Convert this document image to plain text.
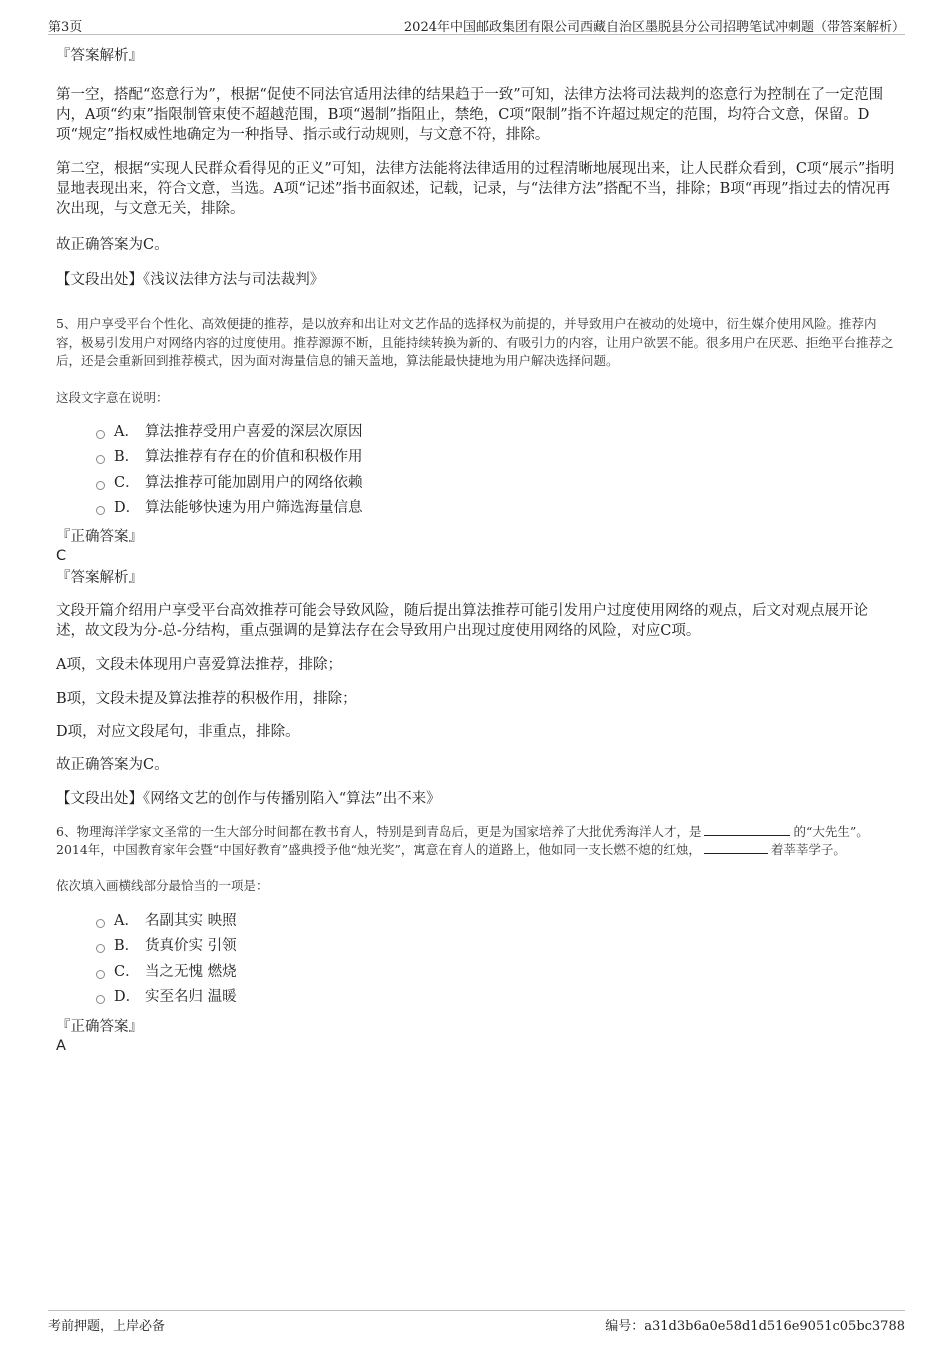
第3页	2024年中国邮政集团有限公司西藏自治区墨脱县分公司招聘笔试冲刺题（带答案解析）
『答案解析』

第一空，搭配“恣意行为”，根据“促使不同法官适用法律的结果趋于一致”可知，法律方法将司法裁判的恣意行为控制在了一定范围内，A项“约束”指限制管束使不超越范围，B项“遏制”指阻止，禁绝，C项“限制”指不许超过规定的范围，均符合文意，保留。D项“规定”指权威性地确定为一种指导、指示或行动规则，与文意不符，排除。

第二空，根据“实现人民群众看得见的正义”可知，法律方法能将法律适用的过程清晰地展现出来，让人民群众看到，C项“展示”指明显地表现出来，符合文意，当选。A项“记述”指书面叙述，记载，记录，与“法律方法”搭配不当，排除；B项“再现”指过去的情况再次出现，与文意无关，排除。

故正确答案为C。

【文段出处】《浅议法律方法与司法裁判》

5、用户享受平台个性化、高效便捷的推荐，是以放弃和出让对文艺作品的选择权为前提的，并导致用户在被动的处境中，衍生媒介使用风险。推荐内容，极易引发用户对网络内容的过度使用。推荐源源不断，且能持续转换为新的、有吸引力的内容，让用户欲罢不能。很多用户在厌恶、拒绝平台推荐之后，还是会重新回到推荐模式，因为面对海量信息的铺天盖地，算法能最快捷地为用户解决选择问题。

这段文字意在说明：

A． 算法推荐受用户喜爱的深层次原因
B． 算法推荐有存在的价值和积极作用
C． 算法推荐可能加剧用户的网络依赖
D． 算法能够快速为用户筛选海量信息
『正确答案』

C

『答案解析』

文段开篇介绍用户享受平台高效推荐可能会导致风险，随后提出算法推荐可能引发用户过度使用网络的观点，后文对观点展开论述，故文段为分-总-分结构，重点强调的是算法存在会导致用户出现过度使用网络的风险，对应C项。

A项，文段未体现用户喜爱算法推荐，排除；

B项，文段未提及算法推荐的积极作用，排除；

D项，对应文段尾句，非重点，排除。

故正确答案为C。

【文段出处】《网络文艺的创作与传播别陷入“算法”出不来》

6、物理海洋学家文圣常的一生大部分时间都在教书育人，特别是到青岛后，更是为国家培养了大批优秀海洋人才，是	的“大先生”。2014年，中国教育家年会暨“中国好教育”盛典授予他“烛光奖”，寓意在育人的道路上，他如同一支长燃不熄的红烛，	着莘莘学子。

依次填入画横线部分最恰当的一项是：

A． 名副其实 映照
B． 货真价实 引领
C． 当之无愧 燃烧
D． 实至名归 温暖
『正确答案』

A

考前押题，上岸必备	编号：a31d3b6a0e58d1d516e9051c05bc3788
